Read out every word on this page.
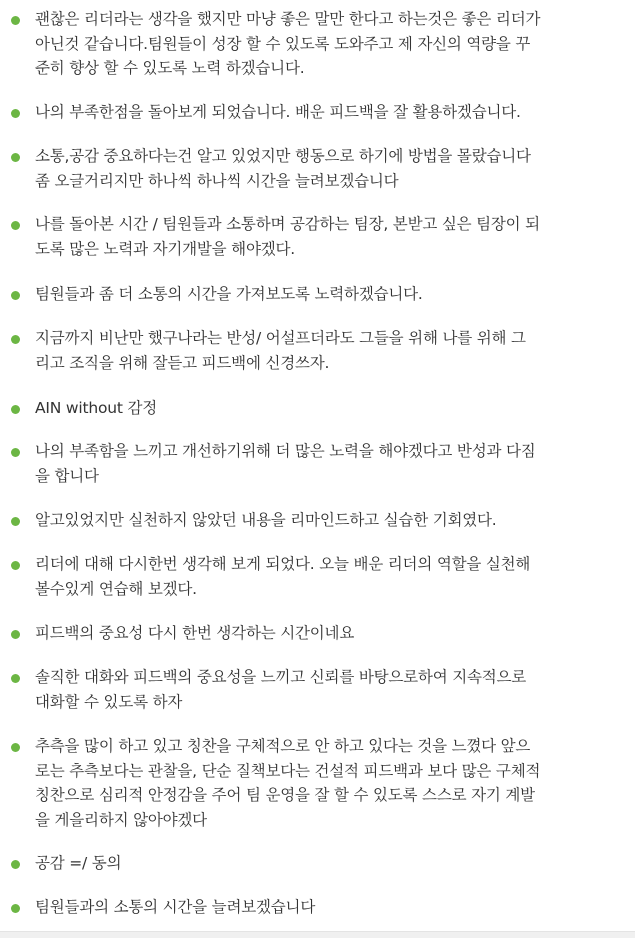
괜찮은 리더라는 생각을 했지만 마냥 좋은 말만 한다고 하는것은 좋은 리더가
아닌것 같습니다.팀원들이 성장 할 수 있도록 도와주고 제 자신의 역량을 꾸
준히 향상 할 수 있도록 노력 하겠습니다.
나의 부족한점을 돌아보게 되었습니다. 배운 피드백을 잘 활용하겠습니다.
소통,공감 중요하다는건 알고 있었지만 행동으로 하기에 방법을 몰랐습니다
좀 오글거리지만 하나씩 하나씩 시간을 늘려보겠습니다
나를 돌아본 시간 / 팀원들과 소통하며 공감하는 팀장, 본받고 싶은 팀장이 되
도록 많은 노력과 자기개발을 해야겠다.
팀원들과 좀 더 소통의 시간을 가져보도록 노력하겠습니다.
지금까지 비난만 했구나라는 반성/ 어설프더라도 그들을 위해 나를 위해 그
리고 조직을 위해 잘듣고 피드백에 신경쓰자.
AIN without 감정
나의 부족함을 느끼고 개선하기위해 더 많은 노력을 해야겠다고 반성과 다짐
을 합니다
알고있었지만 실천하지 않았던 내용을 리마인드하고 실습한 기회였다.
리더에 대해 다시한번 생각해 보게 되었다. 오늘 배운 리더의 역할을 실천해
볼수있게 연습해 보겠다.
피드백의 중요성 다시 한번 생각하는 시간이네요
솔직한 대화와 피드백의 중요성을 느끼고 신뢰를 바탕으로하여 지속적으로
대화할 수 있도록 하자
추측을 많이 하고 있고 칭찬을 구체적으로 안 하고 있다는 것을 느꼈다 앞으
로는 추측보다는 관찰을, 단순 질책보다는 건설적 피드백과 보다 많은 구체적
칭찬으로 심리적 안정감을 주어 팀 운영을 잘 할 수 있도록 스스로 자기 계발
을 게을리하지 않아야겠다
공감 =/ 동의
팀원들과의 소통의 시간을 늘려보겠습니다
